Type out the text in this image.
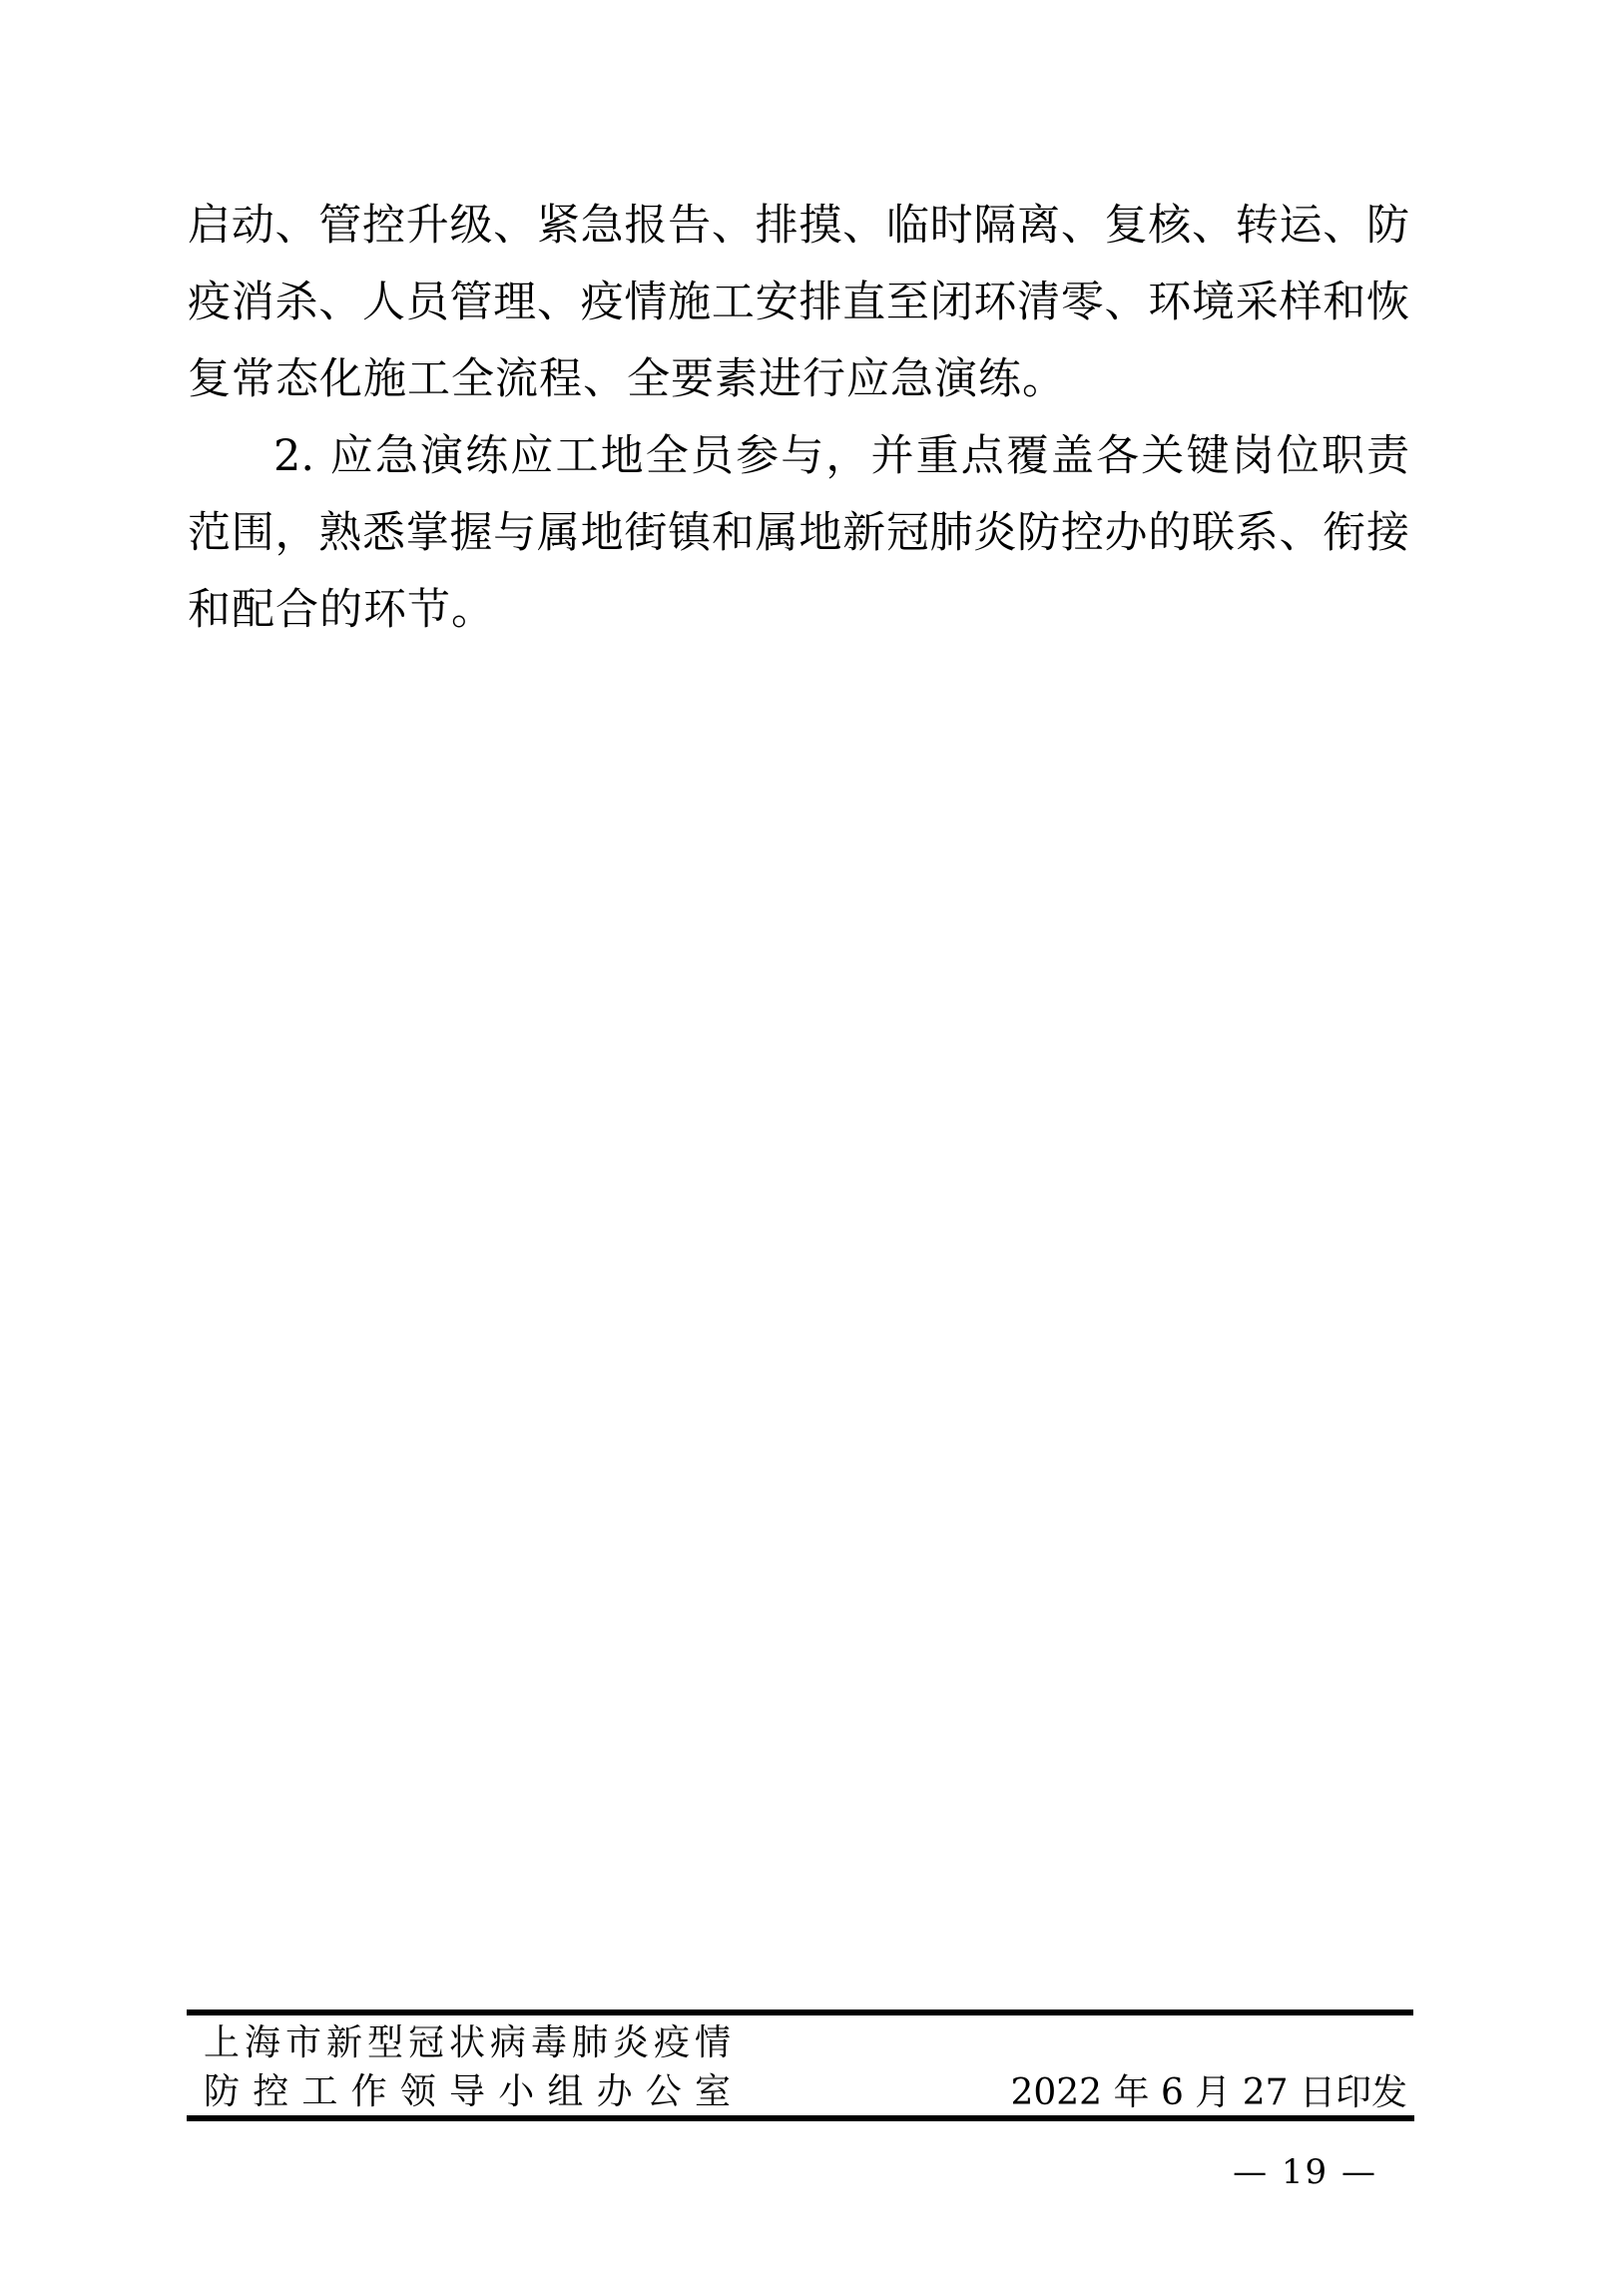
启动、管控升级、紧急报告、排摸、临时隔离、复核、转运、防

疫消杀、人员管理、疫情施工安排直至闭环清零、环境采样和恢

复常态化施工全流程、全要素进行应急演练。

2. 应急演练应工地全员参与，并重点覆盖各关键岗位职责

范围，熟悉掌握与属地街镇和属地新冠肺炎防控办的联系、衔接

和配合的环节。

上海市新型冠状病毒肺炎疫情

防控工作领导小组办公室	2022 年 6 月 27 日印发
— 19 —
